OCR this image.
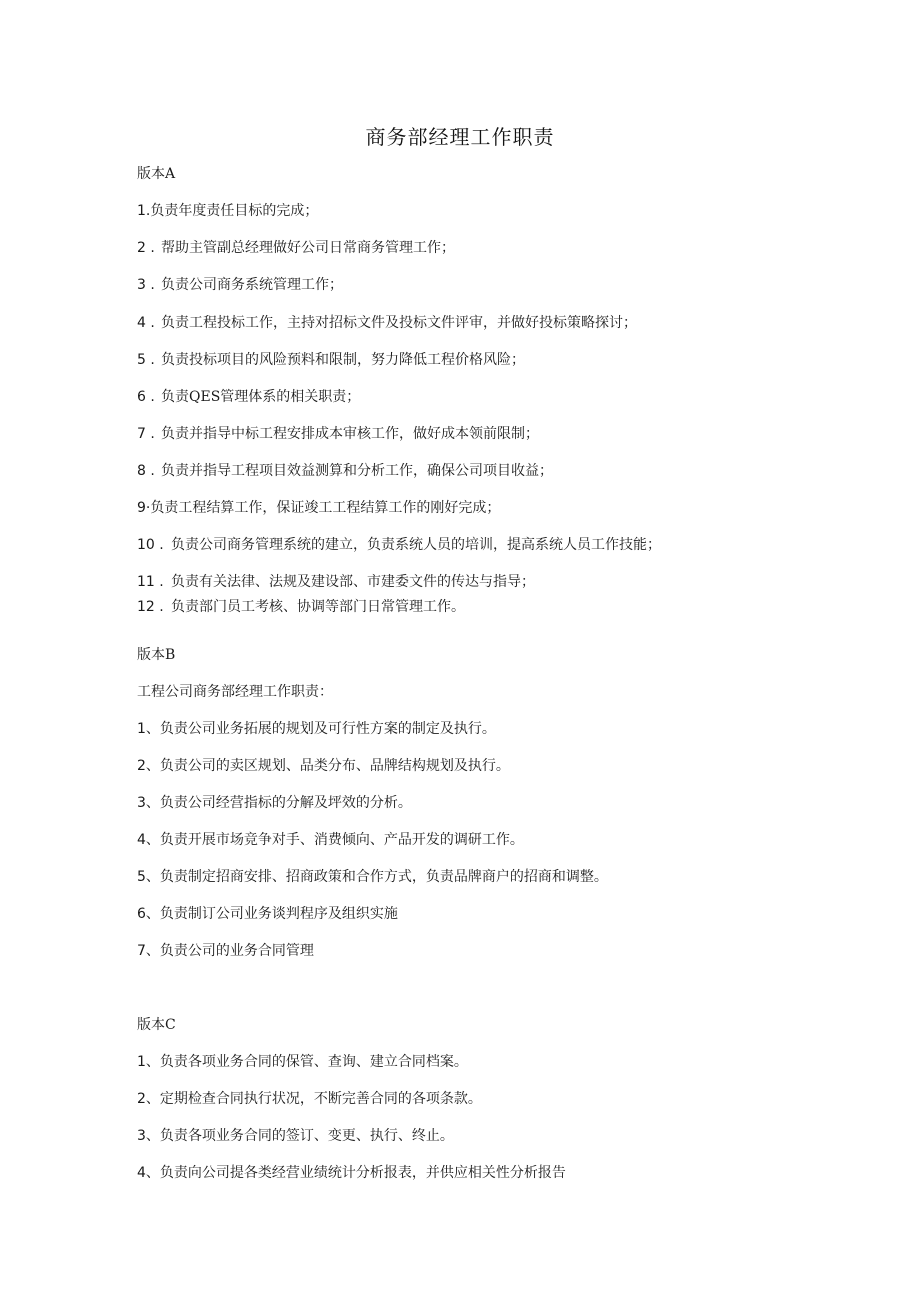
商务部经理工作职责
版本A
1.负责年度责任目标的完成；
2 . 帮助主管副总经理做好公司日常商务管理工作；
3 . 负责公司商务系统管理工作；
4 . 负责工程投标工作，主持对招标文件及投标文件评审，并做好投标策略探讨；
5 . 负责投标项目的风险预料和限制，努力降低工程价格风险；
6 . 负责QES管理体系的相关职责；
7 . 负责并指导中标工程安排成本审核工作，做好成本领前限制；
8 . 负责并指导工程项目效益测算和分析工作，确保公司项目收益；
9·负责工程结算工作，保证竣工工程结算工作的刚好完成；
10 . 负责公司商务管理系统的建立，负责系统人员的培训，提高系统人员工作技能；
11 . 负责有关法律、法规及建设部、市建委文件的传达与指导；
12 . 负责部门员工考核、协调等部门日常管理工作。
版本B
工程公司商务部经理工作职责：
1、负责公司业务拓展的规划及可行性方案的制定及执行。
2、负责公司的卖区规划、品类分布、品牌结构规划及执行。
3、负责公司经营指标的分解及坪效的分析。
4、负责开展市场竞争对手、消费倾向、产品开发的调研工作。
5、负责制定招商安排、招商政策和合作方式，负责品牌商户的招商和调整。
6、负责制订公司业务谈判程序及组织实施
7、负责公司的业务合同管理
版本C
1、负责各项业务合同的保管、查询、建立合同档案。
2、定期检查合同执行状况，不断完善合同的各项条款。
3、负责各项业务合同的签订、变更、执行、终止。
4、负责向公司提各类经营业绩统计分析报表，并供应相关性分析报告
